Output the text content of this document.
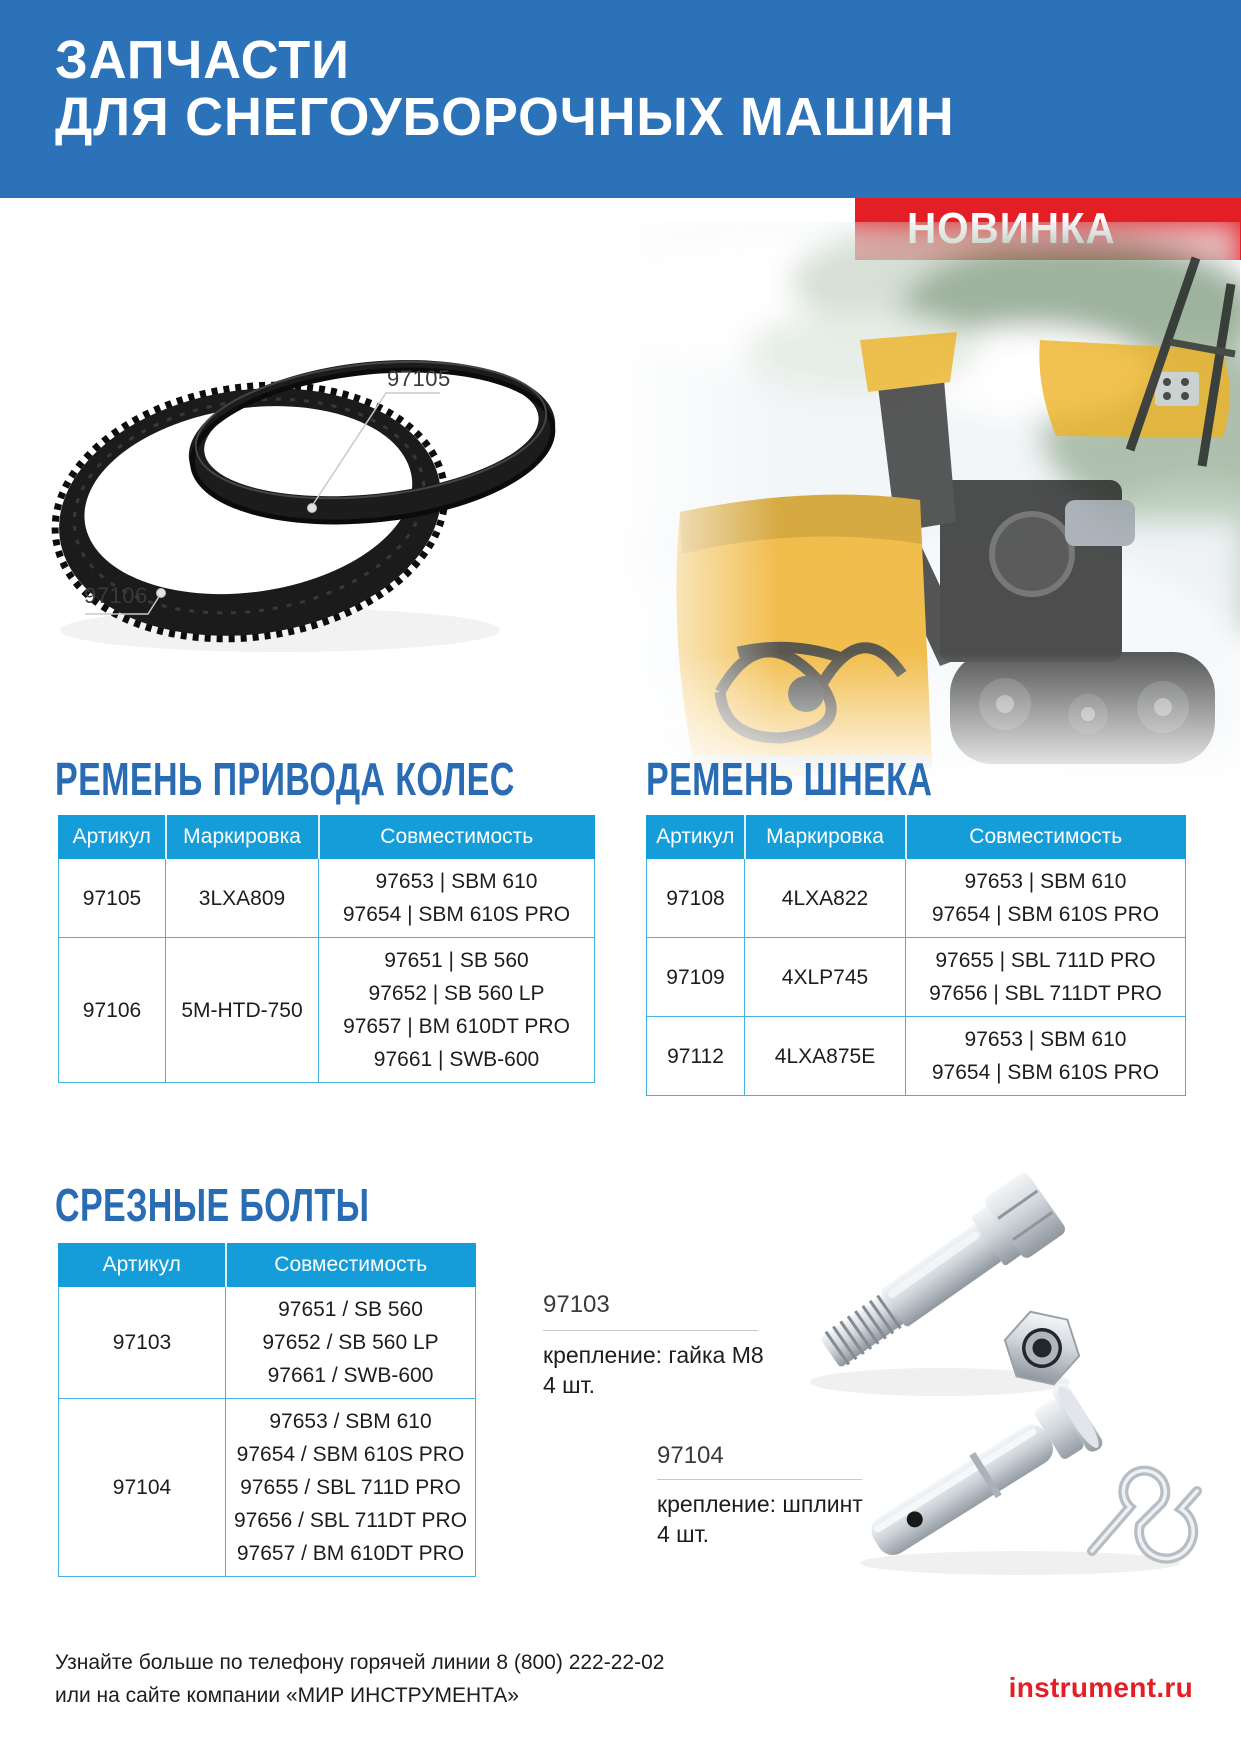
ЗАПЧАСТИ
ДЛЯ СНЕГОУБОРОЧНЫХ МАШИН
97105
97106
РЕМЕНЬ ПРИВОДА КОЛЕС
Артикул	Маркировка	Совместимость
97105	3LXA809	97653 | SBM 610
97654 | SBM 610S PRO

97106	5M-HTD-750	97651 | SB 560
97652 | SB 560 LP
97657 | BM 610DT PRO
97661 | SWB-600
РЕМЕНЬ ШНЕКА
Артикул	Маркировка	Совместимость
97108	4LXA822	97653 | SBM 610
97654 | SBM 610S PRO

97109	4XLP745	97655 | SBL 711D PRO
97656 | SBL 711DT PRO

97112	4LXA875E	97653 | SBM 610
97654 | SBM 610S PRO
СРЕЗНЫЕ БОЛТЫ
Артикул	Совместимость
97103	97651 / SB 560
97652 / SB 560 LP
97661 / SWB-600

97104	97653 / SBM 610
97654 / SBM 610S PRO
97655 / SBL 711D PRO
97656 / SBL 711DT PRO
97657 / BM 610DT PRO
97103
крепление: гайка М8
4 шт.
97104
крепление: шплинт
4 шт.
Узнайте больше по телефону горячей линии 8 (800) 222-22-02
или на сайте компании «МИР ИНСТРУМЕНТА»	instrument.ru
